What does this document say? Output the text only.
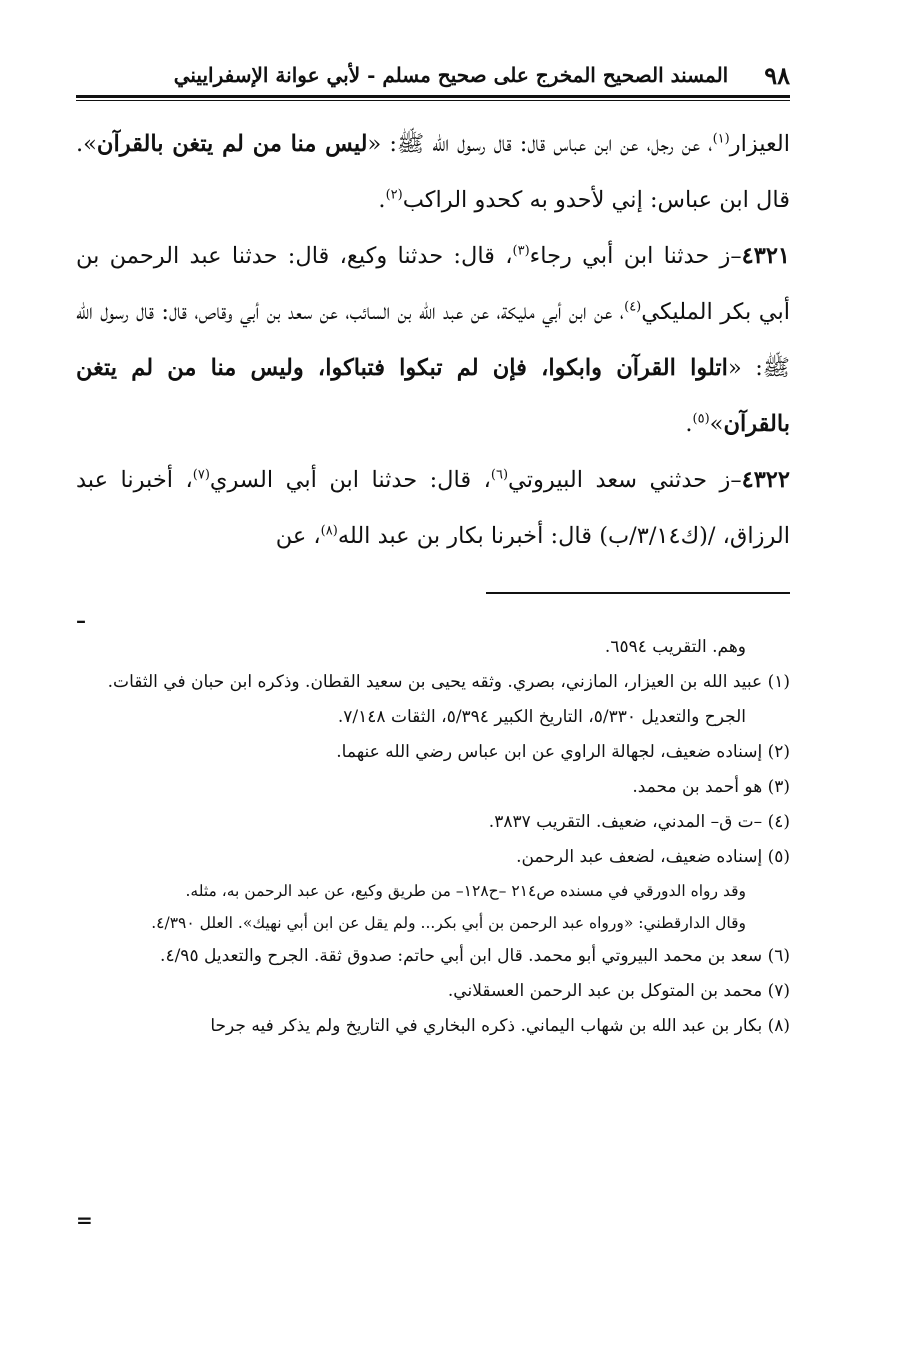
٩٨
المسند الصحيح المخرج على صحيح مسلم - لأبي عوانة الإسفراييني

العيزار$^{(١)}$، عن رجل، عن ابن عباس قال: قال رسول الله ﷺ: «ليس منا من لم يتغن بالقرآن». قال ابن عباس: إني لأحدو به كحدو الراكب$^{(٢)}$.

٤٣٢١–ز حدثنا ابن أبي رجاء$^{(٣)}$، قال: حدثنا وكيع، قال: حدثنا عبد الرحمن بن أبي بكر المليكي$^{(٤)}$، عن ابن أبي مليكة، عن عبد الله بن السائب، عن سعد بن أبي وقاص، قال: قال رسول الله ﷺ: «اتلوا القرآن وابكوا، فإن لم تبكوا فتباكوا، وليس منا من لم يتغن بالقرآن»$^{(٥)}$.

٤٣٢٢–ز حدثني سعد البيروتي$^{(٦)}$، قال: حدثنا ابن أبي السري$^{(٧)}$، أخبرنا عبد الرزاق، /(ك٣/١٤/ب) قال: أخبرنا بكار بن عبد الله$^{(٨)}$، عن

–

وهم. التقريب ٦٥٩٤.

(١) عبيد الله بن العيزار، المازني، بصري. وثقه يحيى بن سعيد القطان. وذكره ابن حبان في الثقات. الجرح والتعديل ٥/٣٣٠، التاريخ الكبير ٥/٣٩٤، الثقات ٧/١٤٨.

(٢) إسناده ضعيف، لجهالة الراوي عن ابن عباس رضي الله عنهما.

(٣) هو أحمد بن محمد.

(٤) –ت ق– المدني، ضعيف. التقريب ٣٨٣٧.

(٥) إسناده ضعيف، لضعف عبد الرحمن.

وقد رواه الدورقي في مسنده ص٢١٤ –ح١٢٨– من طريق وكيع، عن عبد الرحمن به، مثله.

وقال الدارقطني: «ورواه عبد الرحمن بن أبي بكر... ولم يقل عن ابن أبي نهيك». العلل ٤/٣٩٠.

(٦) سعد بن محمد البيروتي أبو محمد. قال ابن أبي حاتم: صدوق ثقة. الجرح والتعديل ٤/٩٥.

(٧) محمد بن المتوكل بن عبد الرحمن العسقلاني.

(٨) بكار بن عبد الله بن شهاب اليماني. ذكره البخاري في التاريخ ولم يذكر فيه جرحا

=
